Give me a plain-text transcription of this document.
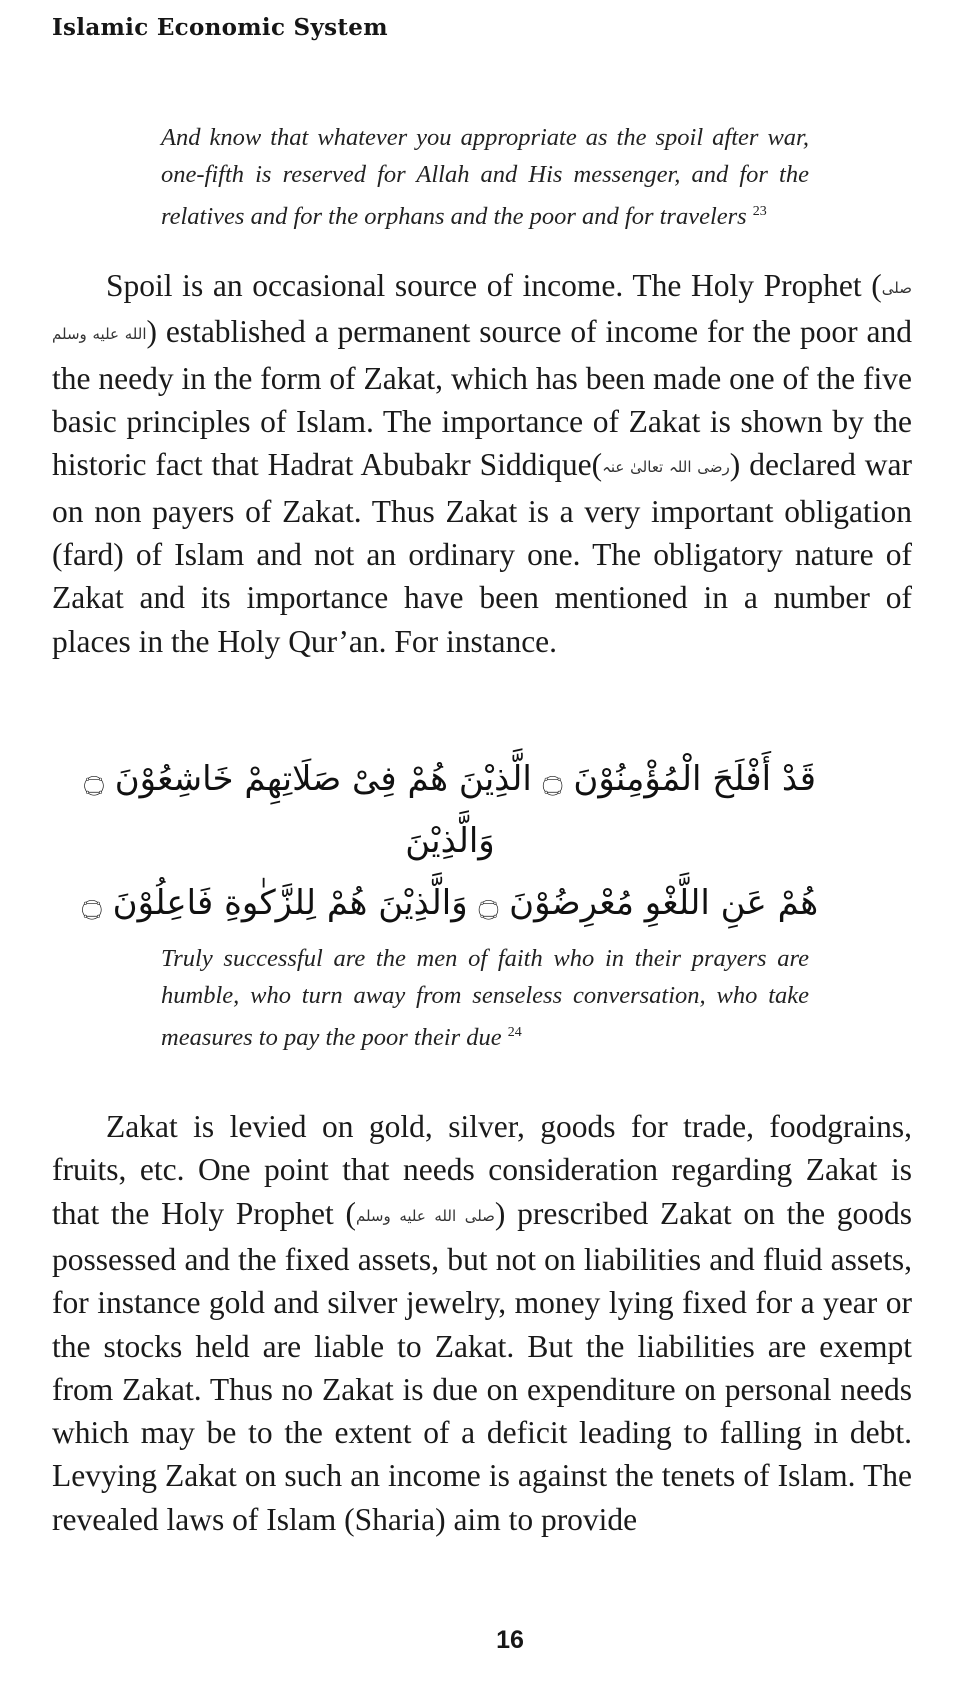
Islamic Economic System
And know that whatever you appropriate as the spoil after war, one-fifth is reserved for Allah and His messenger, and for the relatives and for the orphans and the poor and for travelers $^{23}$

Spoil is an occasional source of income. The Holy Prophet (صلى الله عليه وسلم) established a permanent source of income for the poor and the needy in the form of Zakat, which has been made one of the five basic principles of Islam. The importance of Zakat is shown by the historic fact that Hadrat Abubakr Siddique(رضی اللہ تعالیٰ عنہ) declared war on non payers of Zakat. Thus Zakat is a very important obligation (fard) of Islam and not an ordinary one. The obligatory nature of Zakat and its importance have been mentioned in a number of places in the Holy Qur’an. For instance.

قَدْ أَفْلَحَ الْمُؤْمِنُوْنَ ۝ الَّذِيْنَ هُمْ فِىْ صَلَاتِهِمْ خَاشِعُوْنَ ۝ وَالَّذِيْنَ
هُمْ عَنِ اللَّغْوِ مُعْرِضُوْنَ ۝ وَالَّذِيْنَ هُمْ لِلزَّكٰوةِ فَاعِلُوْنَ ۝
Truly successful are the men of faith who in their prayers are humble, who turn away from senseless conversation, who take measures to pay the poor their due $^{24}$

Zakat is levied on gold, silver, goods for trade, foodgrains, fruits, etc. One point that needs consideration regarding Zakat is that the Holy Prophet (صلى الله عليه وسلم) prescribed Zakat on the goods possessed and the fixed assets, but not on liabilities and fluid assets, for instance gold and silver jewelry, money lying fixed for a year or the stocks held are liable to Zakat. But the liabilities are exempt from Zakat. Thus no Zakat is due on expenditure on personal needs which may be to the extent of a deficit leading to falling in debt. Levying Zakat on such an income is against the tenets of Islam. The revealed laws of Islam (Sharia) aim to provide

16
